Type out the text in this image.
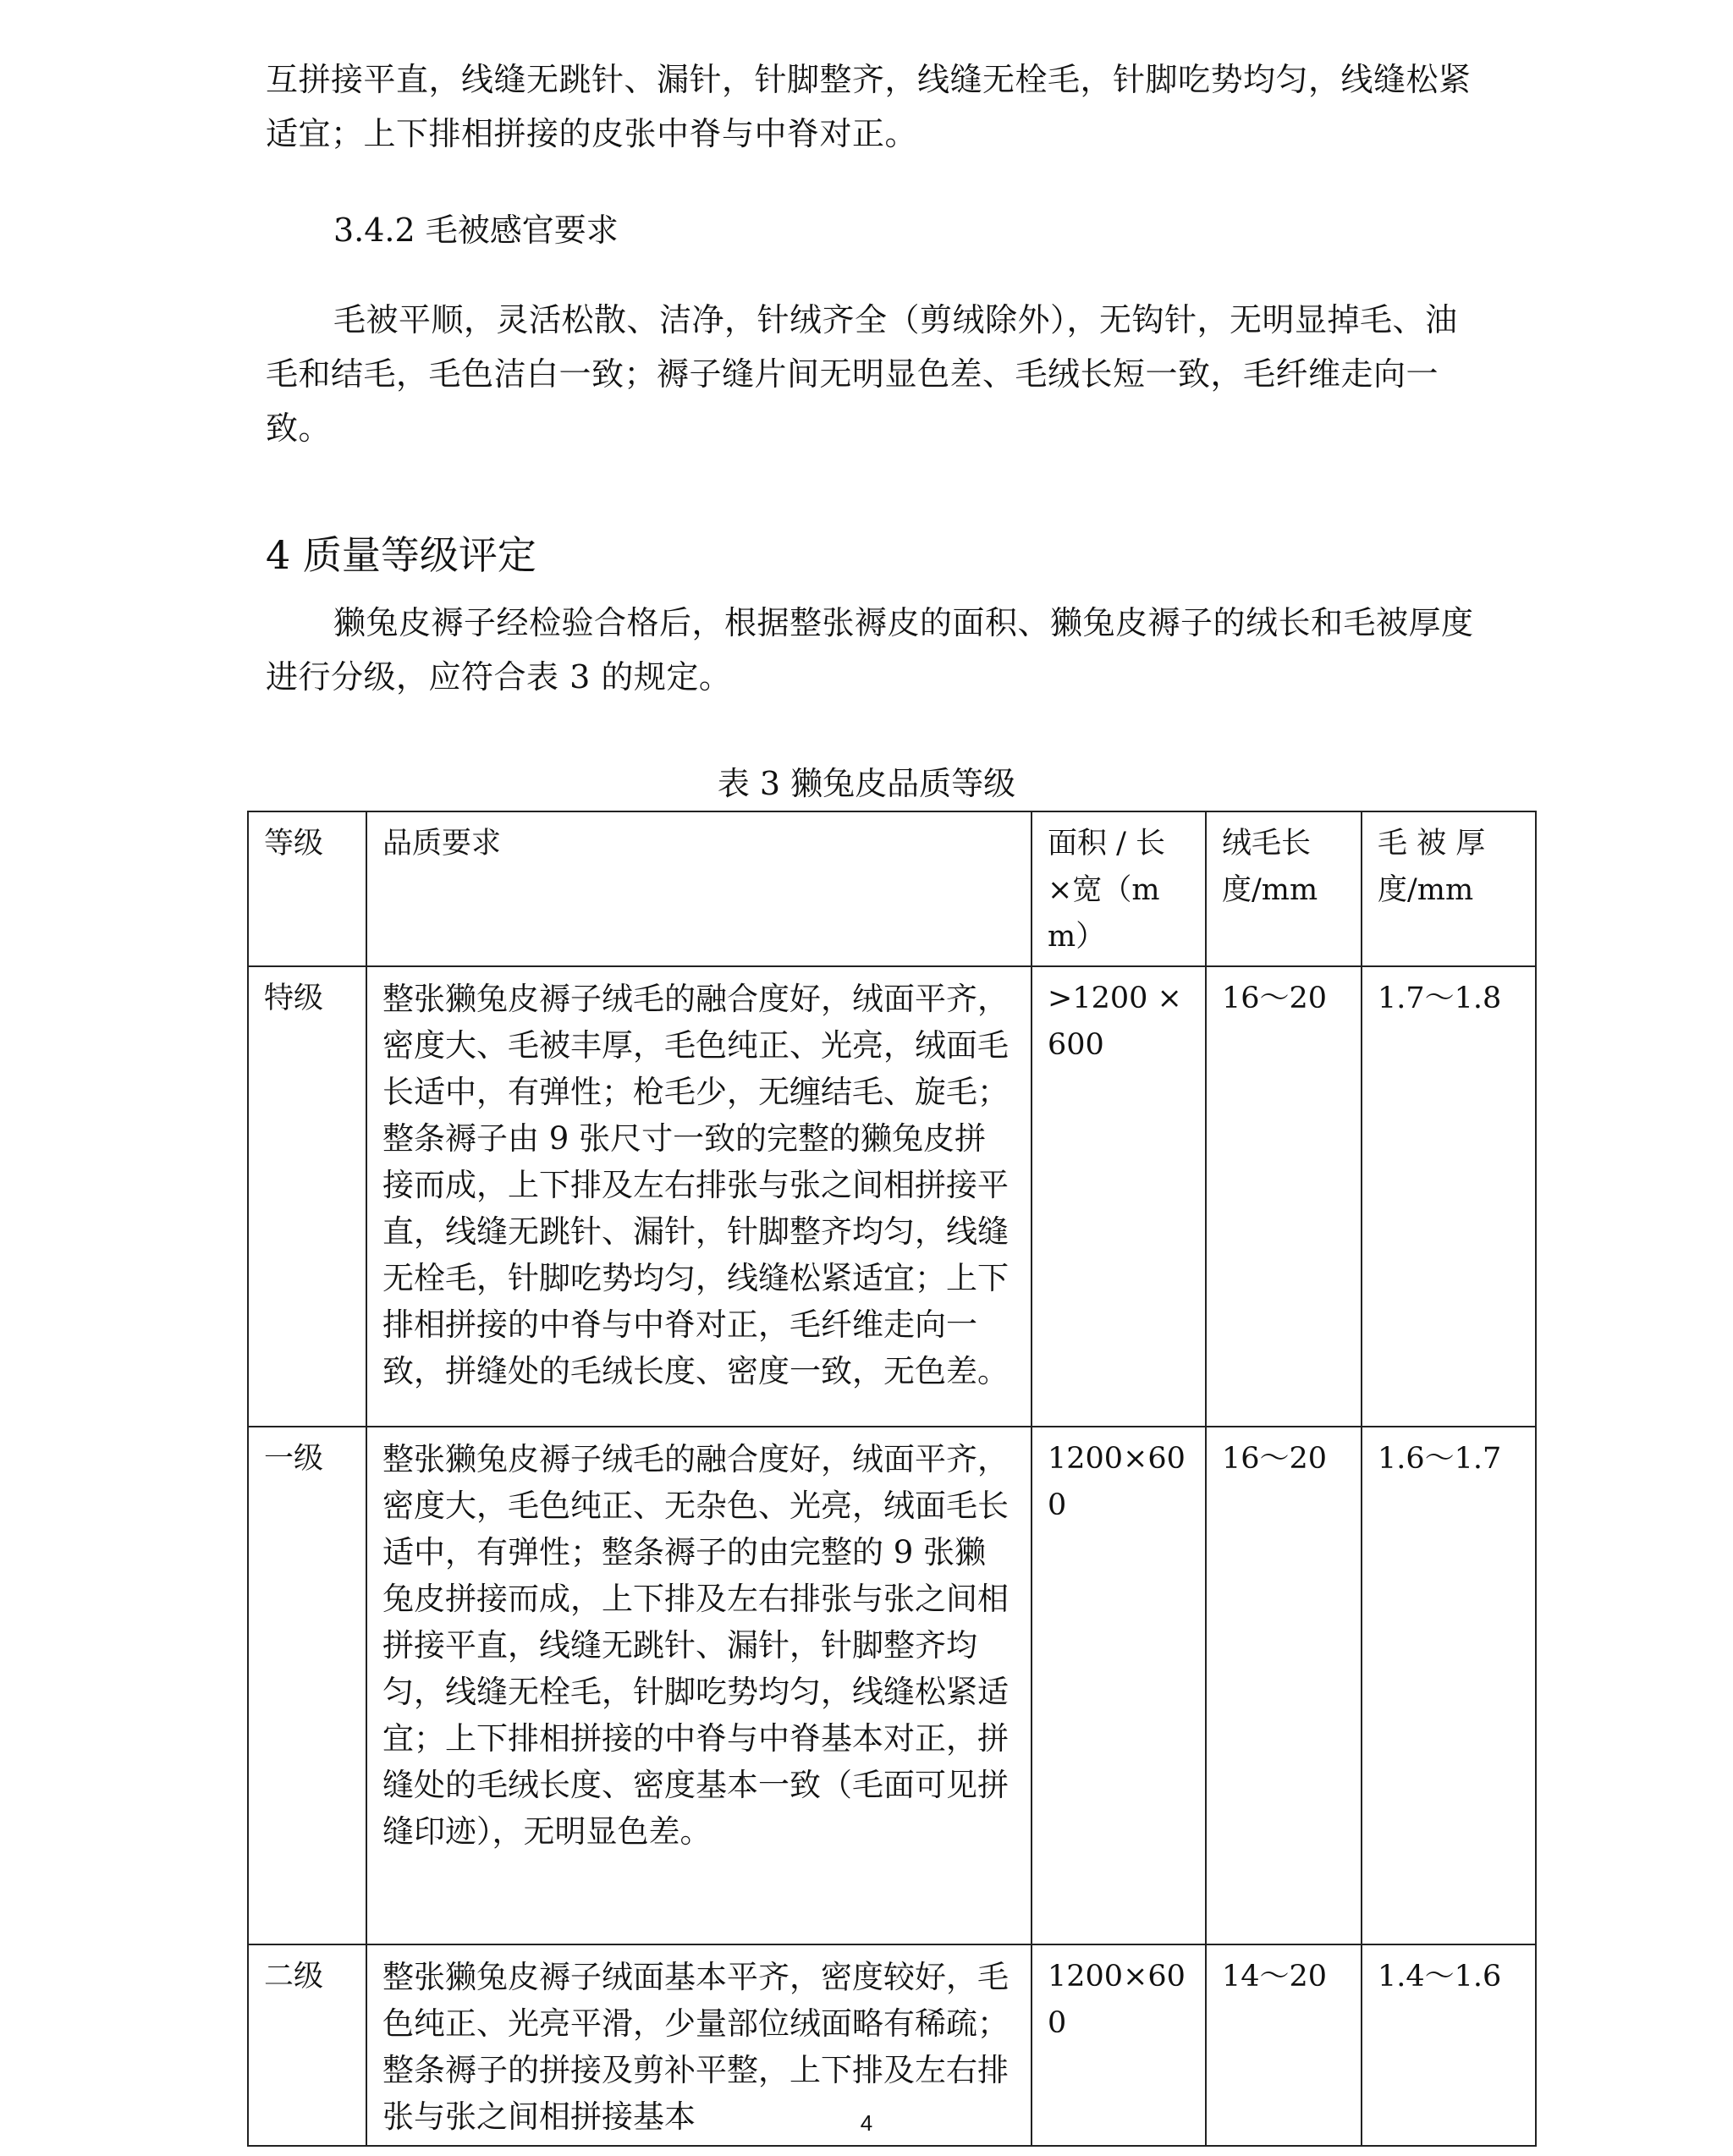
互拼接平直，线缝无跳针、漏针，针脚整齐，线缝无栓毛，针脚吃势均匀，线缝松紧适宜；上下排相拼接的皮张中脊与中脊对正。

3.4.2 毛被感官要求

毛被平顺，灵活松散、洁净，针绒齐全（剪绒除外），无钩针，无明显掉毛、油毛和结毛，毛色洁白一致；褥子缝片间无明显色差、毛绒长短一致，毛纤维走向一致。

4 质量等级评定

獭兔皮褥子经检验合格后，根据整张褥皮的面积、獭兔皮褥子的绒长和毛被厚度进行分级，应符合表 3 的规定。

表 3 獭兔皮品质等级

等级	品质要求	面积 / 长×宽（mm）	绒毛长度/mm	毛 被 厚 度/mm
特级	整张獭兔皮褥子绒毛的融合度好，绒面平齐，密度大、毛被丰厚，毛色纯正、光亮，绒面毛长适中，有弹性；枪毛少，无缠结毛、旋毛；整条褥子由 9 张尺寸一致的完整的獭兔皮拼接而成，上下排及左右排张与张之间相拼接平直，线缝无跳针、漏针，针脚整齐均匀，线缝无栓毛，针脚吃势均匀，线缝松紧适宜；上下排相拼接的中脊与中脊对正，毛纤维走向一致，拼缝处的毛绒长度、密度一致，无色差。	>1200 ×600	16～20	1.7～1.8
一级	整张獭兔皮褥子绒毛的融合度好，绒面平齐，密度大，毛色纯正、无杂色、光亮，绒面毛长适中，有弹性；整条褥子的由完整的 9 张獭兔皮拼接而成，上下排及左右排张与张之间相拼接平直，线缝无跳针、漏针，针脚整齐均匀，线缝无栓毛，针脚吃势均匀，线缝松紧适宜；上下排相拼接的中脊与中脊基本对正，拼缝处的毛绒长度、密度基本一致（毛面可见拼缝印迹），无明显色差。	1200×600	16～20	1.6～1.7
二级	整张獭兔皮褥子绒面基本平齐，密度较好，毛色纯正、光亮平滑，少量部位绒面略有稀疏；整条褥子的拼接及剪补平整，上下排及左右排张与张之间相拼接基本	1200×600	14～20	1.4～1.6

4
